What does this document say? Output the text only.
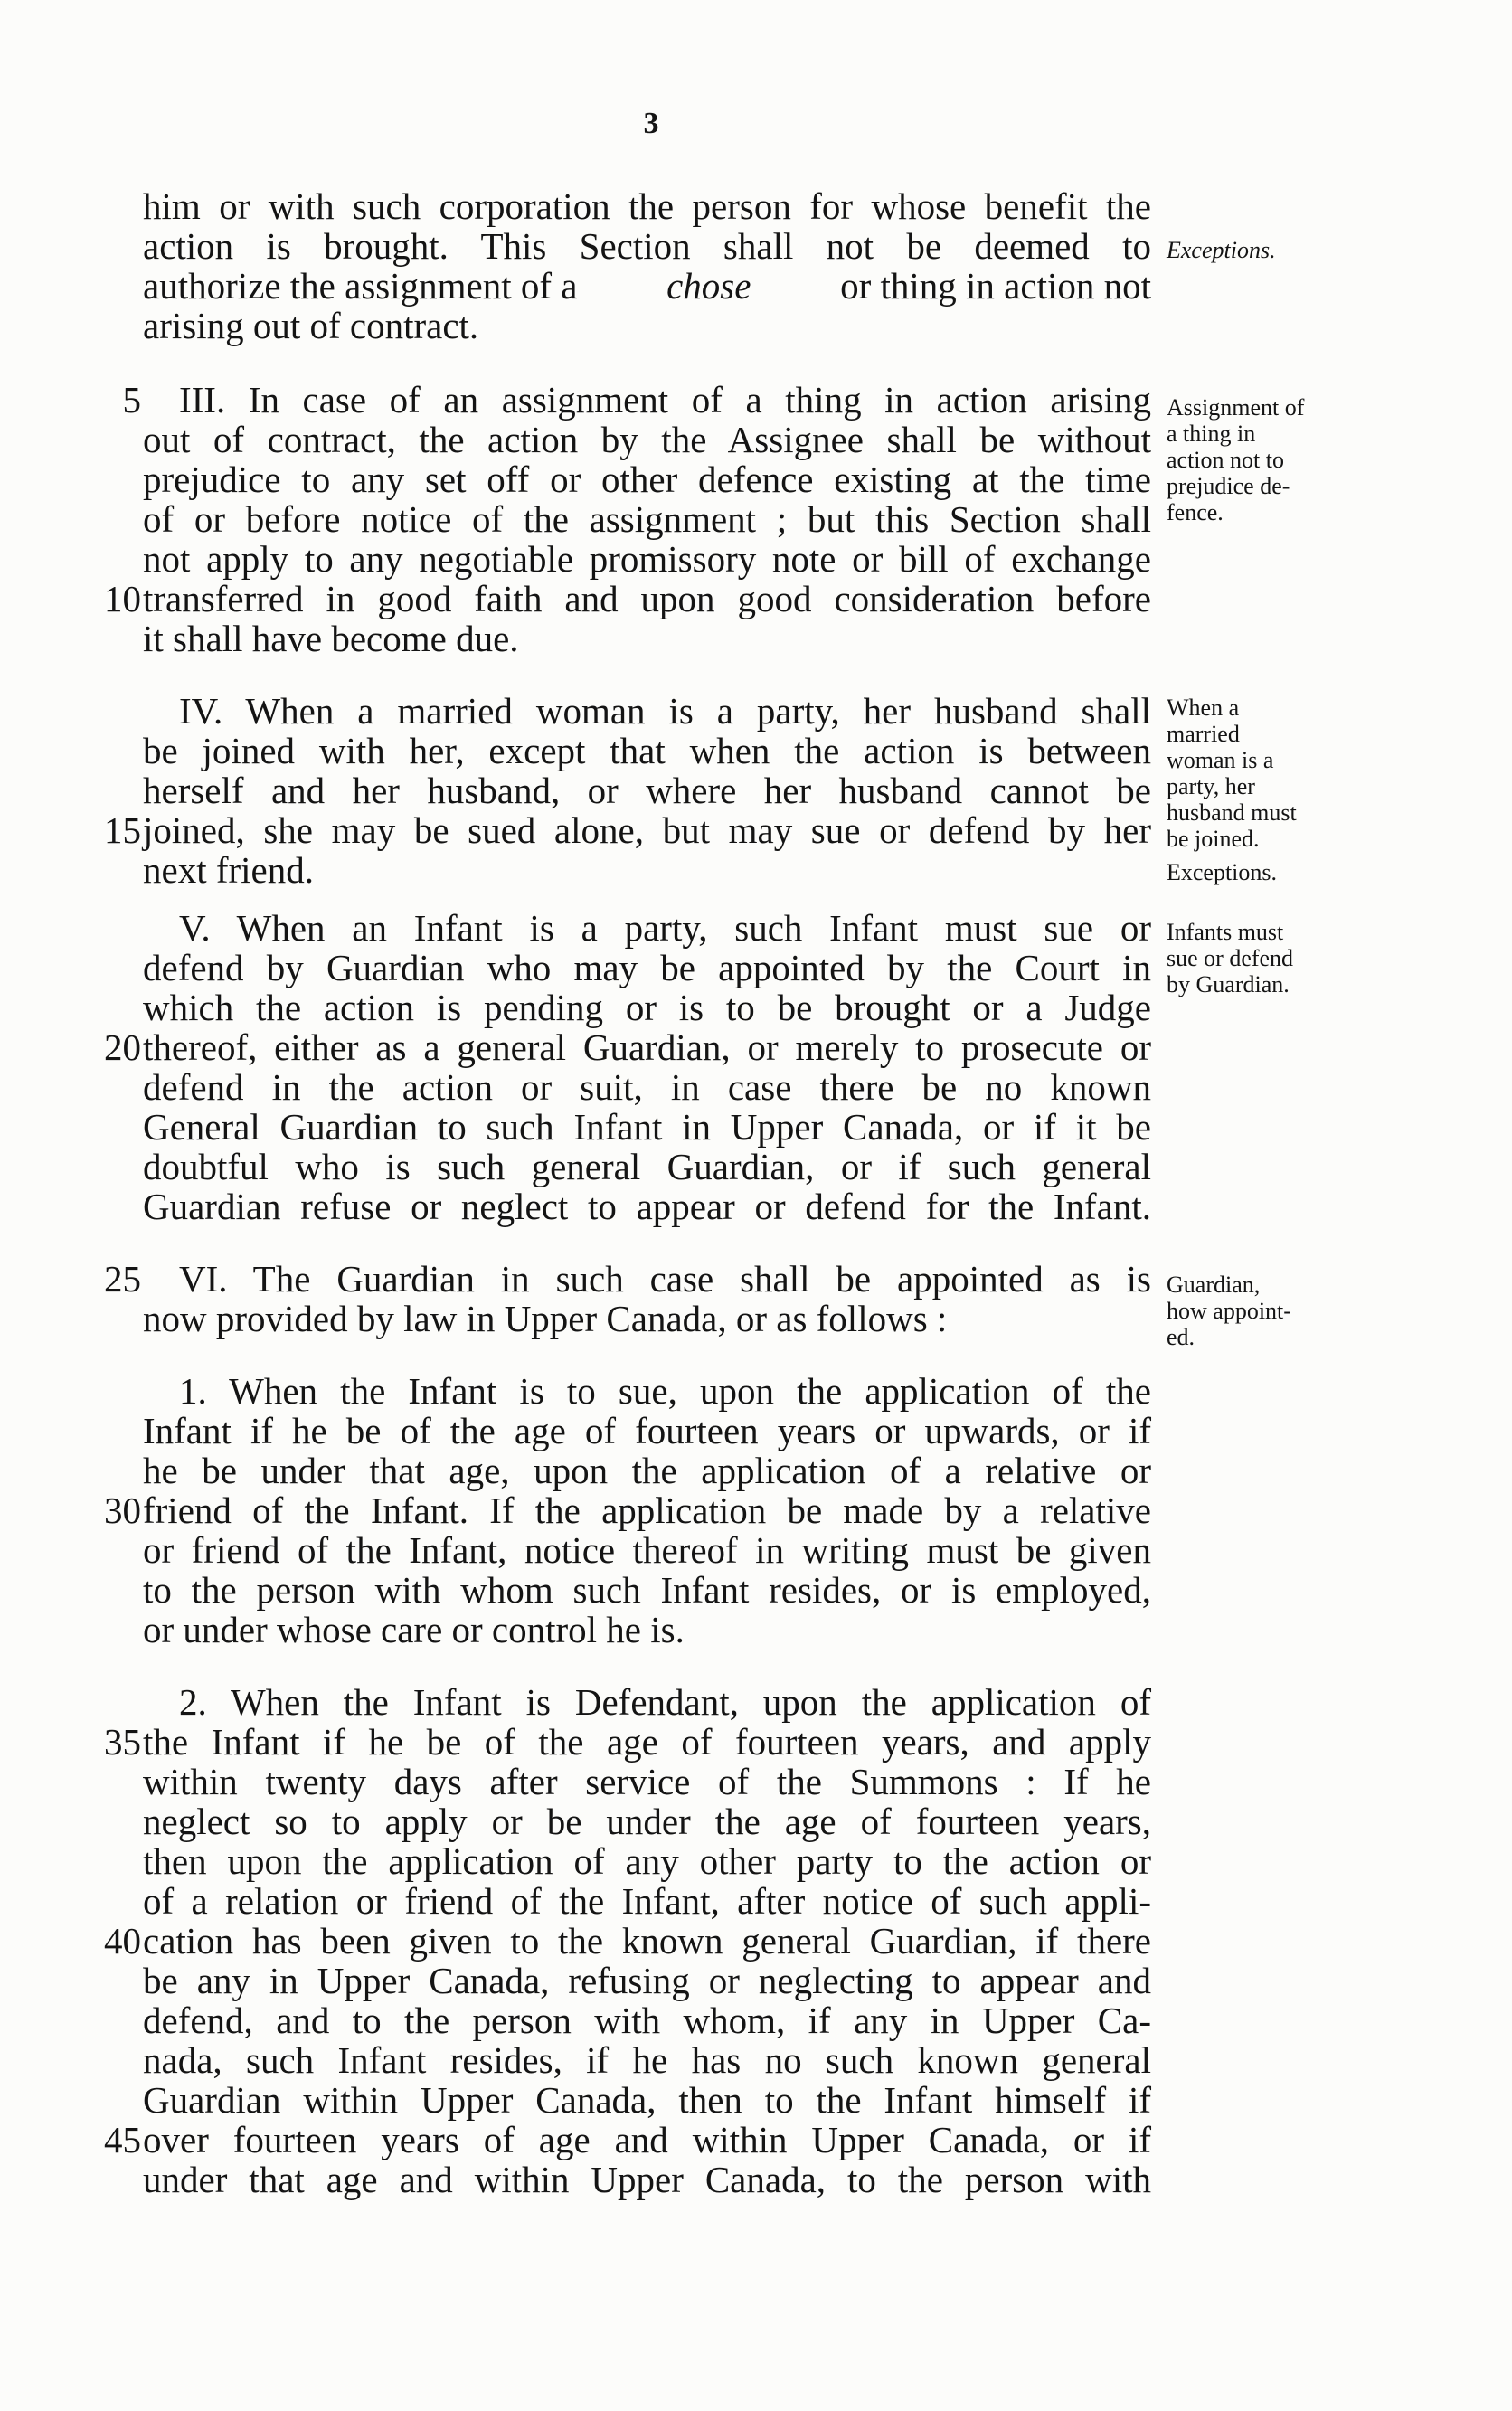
3
him or with such corporation the person for whose benefit the
action is brought. This Section shall not be deemed to
authorize the assignment of a chose or thing in action not
arising out of contract.
III. In case of an assignment of a thing in action arising
out of contract, the action by the Assignee shall be without
prejudice to any set off or other defence existing at the time
of or before notice of the assignment ; but this Section shall
not apply to any negotiable promissory note or bill of exchange
transferred in good faith and upon good consideration before
it shall have become due.
IV. When a married woman is a party, her husband shall
be joined with her, except that when the action is between
herself and her husband, or where her husband cannot be
joined, she may be sued alone, but may sue or defend by her
next friend.
V. When an Infant is a party, such Infant must sue or
defend by Guardian who may be appointed by the Court in
which the action is pending or is to be brought or a Judge
thereof, either as a general Guardian, or merely to prosecute or
defend in the action or suit, in case there be no known
General Guardian to such Infant in Upper Canada, or if it be
doubtful who is such general Guardian, or if such general
Guardian refuse or neglect to appear or defend for the Infant.
VI. The Guardian in such case shall be appointed as is
now provided by law in Upper Canada, or as follows :
1. When the Infant is to sue, upon the application of the
Infant if he be of the age of fourteen years or upwards, or if
he be under that age, upon the application of a relative or
friend of the Infant. If the application be made by a relative
or friend of the Infant, notice thereof in writing must be given
to the person with whom such Infant resides, or is employed,
or under whose care or control he is.
2. When the Infant is Defendant, upon the application of
the Infant if he be of the age of fourteen years, and apply
within twenty days after service of the Summons : If he
neglect so to apply or be under the age of fourteen years,
then upon the application of any other party to the action or
of a relation or friend of the Infant, after notice of such appli-
cation has been given to the known general Guardian, if there
be any in Upper Canada, refusing or neglecting to appear and
defend, and to the person with whom, if any in Upper Ca-
nada, such Infant resides, if he has no such known general
Guardian within Upper Canada, then to the Infant himself if
over fourteen years of age and within Upper Canada, or if
under that age and within Upper Canada, to the person with
5
10
15
20
25
30
35
40
45
Exceptions.
Assignment of
a thing in
action not to
prejudice de-
fence.
When a
married
woman is a
party, her
husband must
be joined.
Exceptions.
Infants must
sue or defend
by Guardian.
Guardian,
how appoint-
ed.
